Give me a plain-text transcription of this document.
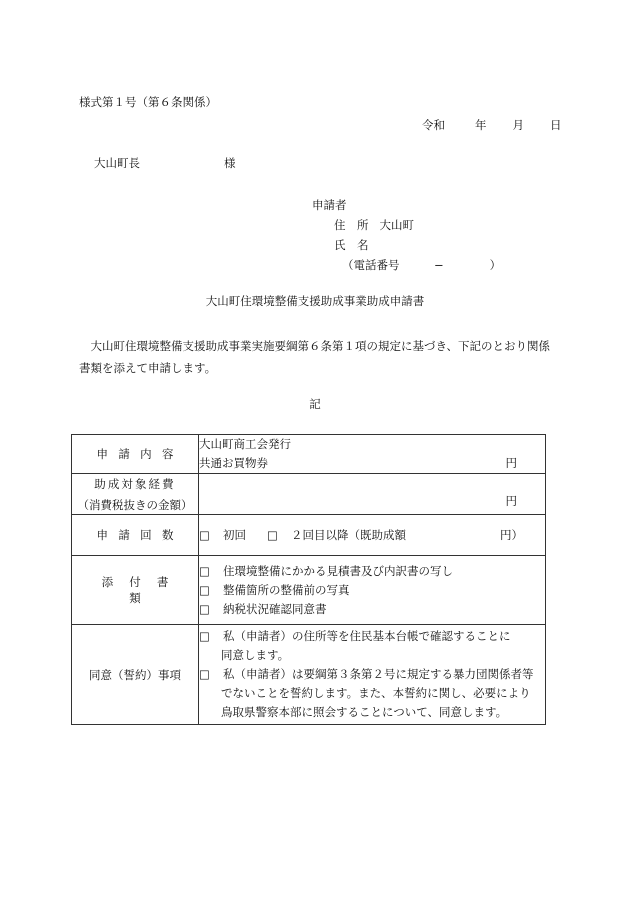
様式第１号（第６条関係）
令和	年 月 日
大山町長	様
申請者
住　所 大山町
氏　名
（電話番号　　　−　　　　）
大山町住環境整備支援助成事業助成申請書
大山町住環境整備支援助成事業実施要綱第６条第１項の規定に基づき、下記のとおり関係書類を添えて申請します。
記
申請内容	大山町商工会発行
共通お買物券 円

助成対象経費
（消費税抜きの金額）	円

申請回数	□ 初回 □ ２回目以降（既助成額 円）

添付書類	□ 住環境整備にかかる見積書及び内訳書の写し
□ 整備箇所の整備前の写真
□ 納税状況確認同意書

同意（誓約）事項	□ 私（申請者）の住所等を住民基本台帳で確認することに
同意します。
□ 私（申請者）は要綱第３条第２号に規定する暴力団関係者等
でないことを誓約します。また、本誓約に関し、必要により
鳥取県警察本部に照会することについて、同意します。
